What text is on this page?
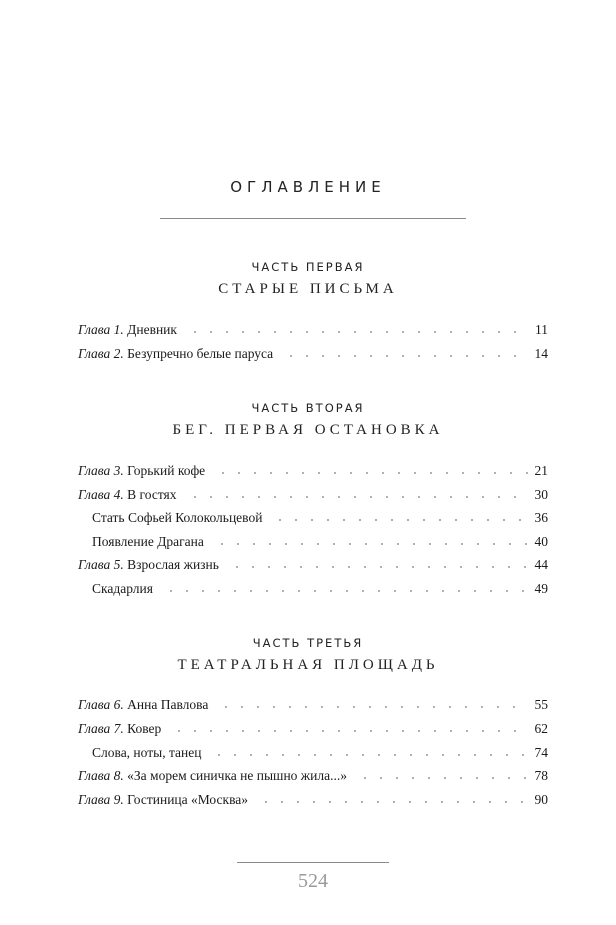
ОГЛАВЛЕНИЕ
ЧАСТЬ ПЕРВАЯ
СТАРЫЕ ПИСЬМА
Глава 1. Дневник	11
Глава 2. Безупречно белые паруса	14
ЧАСТЬ ВТОРАЯ
БЕГ. ПЕРВАЯ ОСТАНОВКА
Глава 3. Горький кофе	21
Глава 4. В гостях	30
Стать Софьей Колокольцевой	36
Появление Драгана	40
Глава 5. Взрослая жизнь	44
Скадарлия	49
ЧАСТЬ ТРЕТЬЯ
ТЕАТРАЛЬНАЯ ПЛОЩАДЬ
Глава 6. Анна Павлова	55
Глава 7. Ковер	62
Слова, ноты, танец	74
Глава 8. «За морем синичка не пышно жила...»	78
Глава 9. Гостиница «Москва»	90
524
